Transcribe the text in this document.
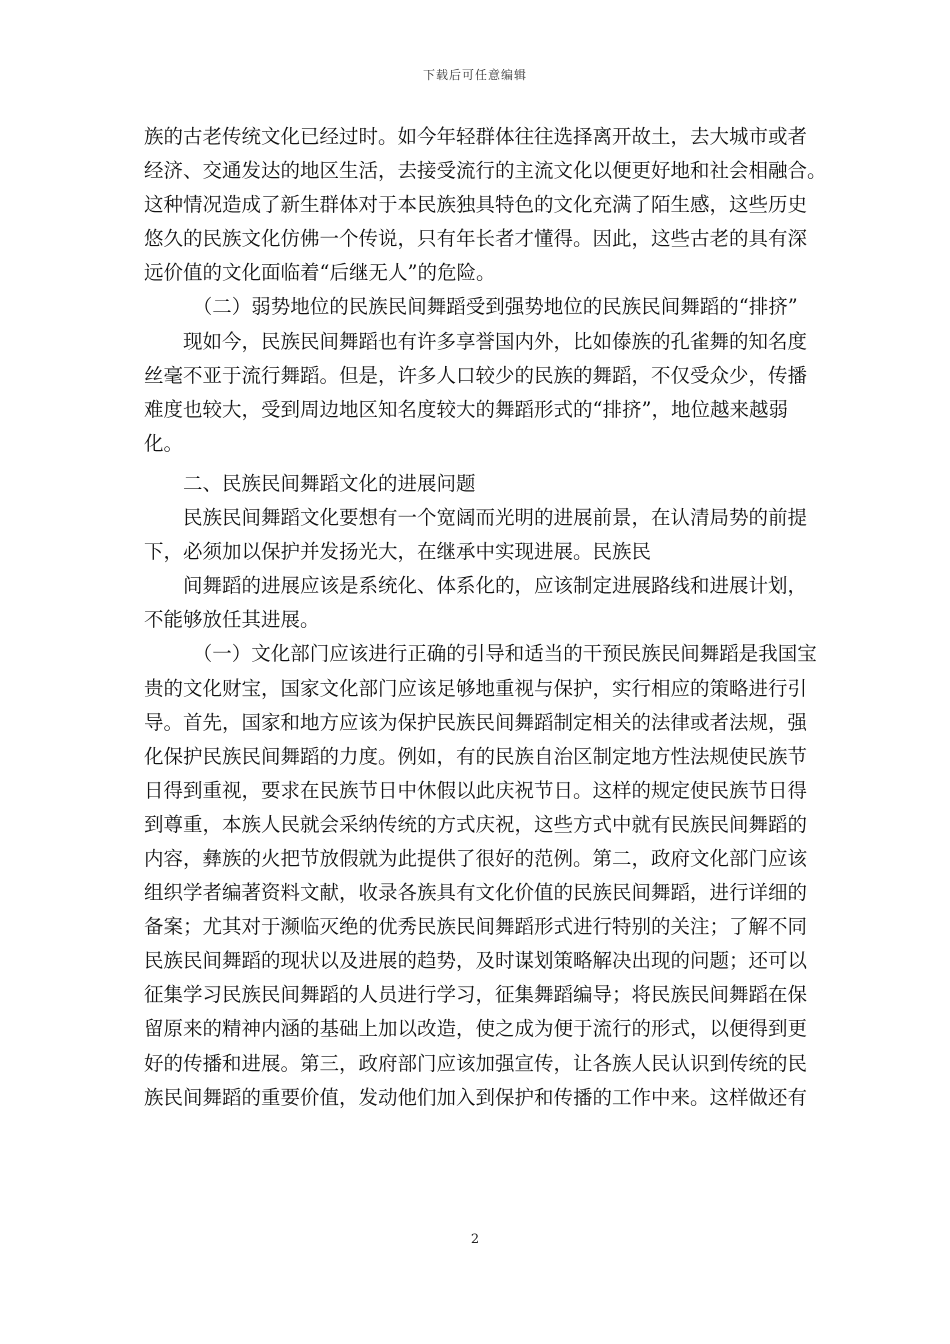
下载后可任意编辑

族的古老传统文化已经过时。如今年轻群体往往选择离开故土，去大城市或者
经济、交通发达的地区生活，去接受流行的主流文化以便更好地和社会相融合。
这种情况造成了新生群体对于本民族独具特色的文化充满了陌生感，这些历史
悠久的民族文化仿佛一个传说，只有年长者才懂得。因此，这些古老的具有深
远价值的文化面临着“后继无人”的危险。

（二）弱势地位的民族民间舞蹈受到强势地位的民族民间舞蹈的“排挤”

现如今，民族民间舞蹈也有许多享誉国内外，比如傣族的孔雀舞的知名度
丝毫不亚于流行舞蹈。但是，许多人口较少的民族的舞蹈，不仅受众少，传播
难度也较大，受到周边地区知名度较大的舞蹈形式的“排挤”，地位越来越弱
化。

二、民族民间舞蹈文化的进展问题

民族民间舞蹈文化要想有一个宽阔而光明的进展前景，在认清局势的前提
下，必须加以保护并发扬光大，在继承中实现进展。民族民

间舞蹈的进展应该是系统化、体系化的，应该制定进展路线和进展计划，
不能够放任其进展。

（一）文化部门应该进行正确的引导和适当的干预民族民间舞蹈是我国宝
贵的文化财宝，国家文化部门应该足够地重视与保护，实行相应的策略进行引
导。首先，国家和地方应该为保护民族民间舞蹈制定相关的法律或者法规，强
化保护民族民间舞蹈的力度。例如，有的民族自治区制定地方性法规使民族节
日得到重视，要求在民族节日中休假以此庆祝节日。这样的规定使民族节日得
到尊重，本族人民就会采纳传统的方式庆祝，这些方式中就有民族民间舞蹈的
内容，彝族的火把节放假就为此提供了很好的范例。第二，政府文化部门应该
组织学者编著资料文献，收录各族具有文化价值的民族民间舞蹈，进行详细的
备案；尤其对于濒临灭绝的优秀民族民间舞蹈形式进行特别的关注；了解不同
民族民间舞蹈的现状以及进展的趋势，及时谋划策略解决出现的问题；还可以
征集学习民族民间舞蹈的人员进行学习，征集舞蹈编导；将民族民间舞蹈在保
留原来的精神内涵的基础上加以改造，使之成为便于流行的形式，以便得到更
好的传播和进展。第三，政府部门应该加强宣传，让各族人民认识到传统的民
族民间舞蹈的重要价值，发动他们加入到保护和传播的工作中来。这样做还有

2
